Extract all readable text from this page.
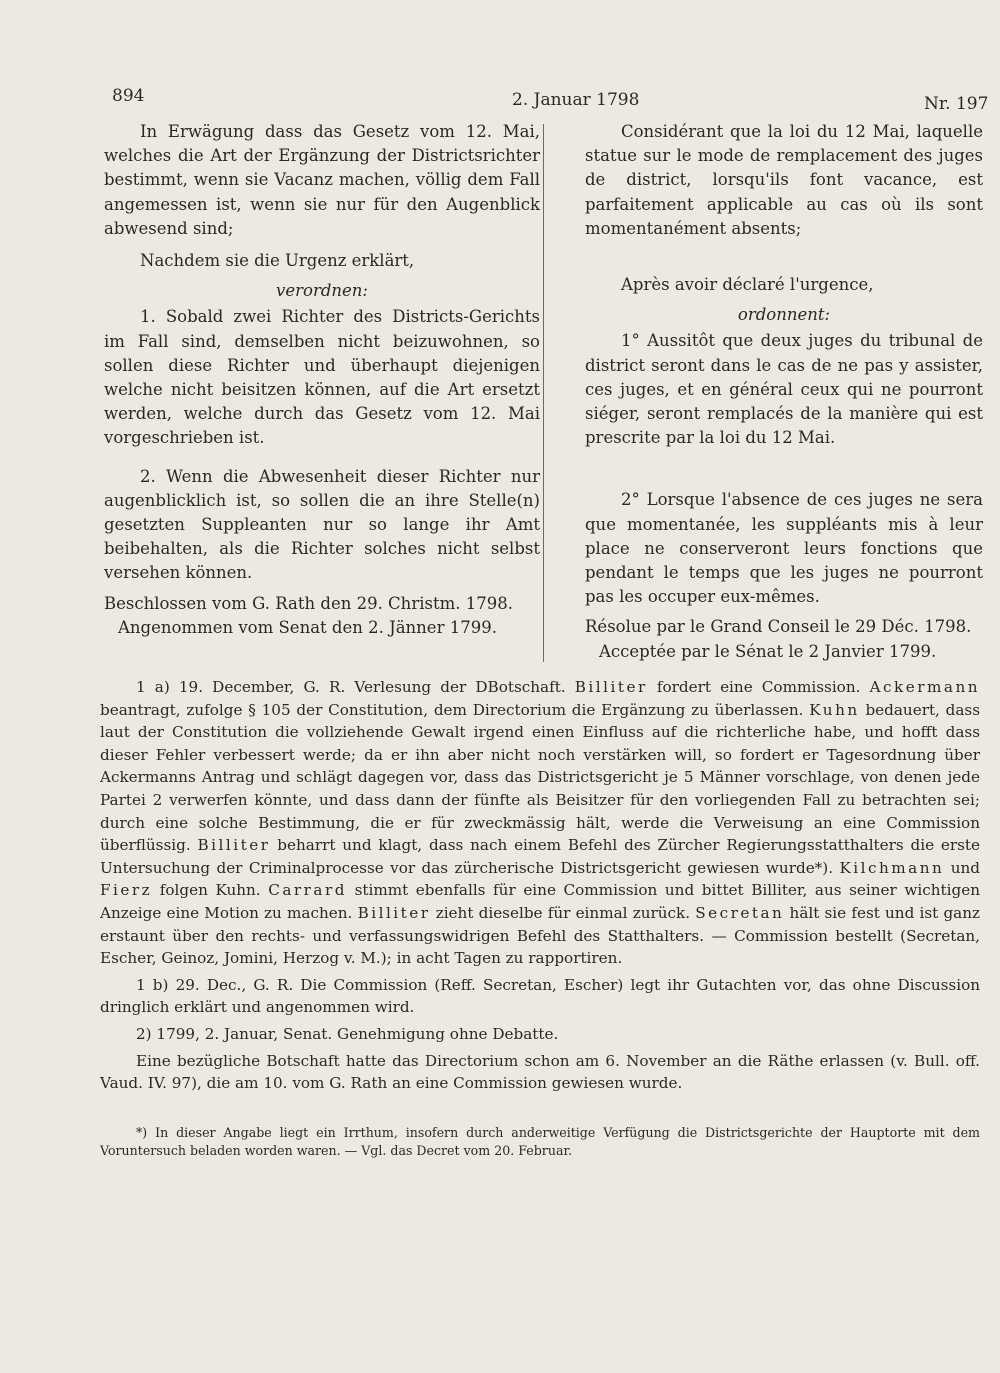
894	2. Januar 1798	Nr. 197

In Erwägung dass das Gesetz vom 12. Mai, welches die Art der Ergänzung der Districtsrichter bestimmt, wenn sie Vacanz machen, völlig dem Fall angemessen ist, wenn sie nur für den Augenblick abwesend sind;

Nachdem sie die Urgenz erklärt,

verordnen:

1. Sobald zwei Richter des Districts-Gerichts im Fall sind, demselben nicht beizuwohnen, so sollen diese Richter und überhaupt diejenigen welche nicht beisitzen können, auf die Art ersetzt werden, welche durch das Gesetz vom 12. Mai vorgeschrieben ist.

2. Wenn die Abwesenheit dieser Richter nur augenblicklich ist, so sollen die an ihre Stelle(n) gesetzten Suppleanten nur so lange ihr Amt beibehalten, als die Richter solches nicht selbst versehen können.

Beschlossen vom G. Rath den 29. Christm. 1798.

Angenommen vom Senat den 2. Jänner 1799.

Considérant que la loi du 12 Mai, laquelle statue sur le mode de remplacement des juges de district, lorsqu'ils font vacance, est parfaitement applicable au cas où ils sont momentanément absents;

Après avoir déclaré l'urgence,

ordonnent:

1° Aussitôt que deux juges du tribunal de district seront dans le cas de ne pas y assister, ces juges, et en général ceux qui ne pourront siéger, seront remplacés de la manière qui est prescrite par la loi du 12 Mai.

2° Lorsque l'absence de ces juges ne sera que momentanée, les suppléants mis à leur place ne conserveront leurs fonctions que pendant le temps que les juges ne pourront pas les occuper eux-mêmes.

Résolue par le Grand Conseil le 29 Déc. 1798.

Acceptée par le Sénat le 2 Janvier 1799.

1 a) 19. December, G. R. Verlesung der DBotschaft. Billiter fordert eine Commission. Ackermann beantragt, zufolge § 105 der Constitution, dem Directorium die Ergänzung zu überlassen. Kuhn bedauert, dass laut der Constitution die vollziehende Gewalt irgend einen Einfluss auf die richterliche habe, und hofft dass dieser Fehler verbessert werde; da er ihn aber nicht noch verstärken will, so fordert er Tagesordnung über Ackermanns Antrag und schlägt dagegen vor, dass das Districtsgericht je 5 Männer vorschlage, von denen jede Partei 2 verwerfen könnte, und dass dann der fünfte als Beisitzer für den vorliegenden Fall zu betrachten sei; durch eine solche Bestimmung, die er für zweckmässig hält, werde die Verweisung an eine Commission überflüssig. Billiter beharrt und klagt, dass nach einem Befehl des Zürcher Regierungsstatthalters die erste Untersuchung der Criminalprocesse vor das zürcherische Districtsgericht gewiesen wurde*). Kilchmann und Fierz folgen Kuhn. Carrard stimmt ebenfalls für eine Commission und bittet Billiter, aus seiner wichtigen Anzeige eine Motion zu machen. Billiter zieht dieselbe für einmal zurück. Secretan hält sie fest und ist ganz erstaunt über den rechts- und verfassungswidrigen Befehl des Statthalters. — Commission bestellt (Secretan, Escher, Geinoz, Jomini, Herzog v. M.); in acht Tagen zu rapportiren.

1 b) 29. Dec., G. R. Die Commission (Reff. Secretan, Escher) legt ihr Gutachten vor, das ohne Discussion dringlich erklärt und angenommen wird.

2) 1799, 2. Januar, Senat. Genehmigung ohne Debatte.

Eine bezügliche Botschaft hatte das Directorium schon am 6. November an die Räthe erlassen (v. Bull. off. Vaud. IV. 97), die am 10. vom G. Rath an eine Commission gewiesen wurde.

*) In dieser Angabe liegt ein Irrthum, insofern durch anderweitige Verfügung die Districtsgerichte der Hauptorte mit dem Voruntersuch beladen worden waren. — Vgl. das Decret vom 20. Februar.
